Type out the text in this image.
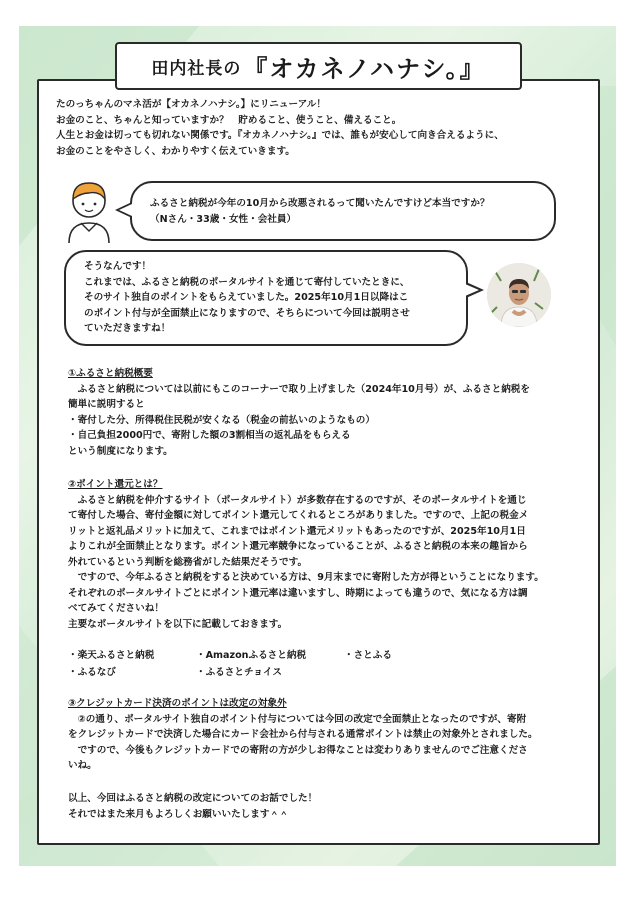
田内社長の 『オカネノハナシ。』
たのっちゃんのマネ活が【オカネノハナシ。】にリニューアル！
お金のこと、ちゃんと知っていますか？　貯めること、使うこと、備えること。
人生とお金は切っても切れない関係です。『オカネノハナシ。』では、誰もが安心して向き合えるように、
お金のことをやさしく、わかりやすく伝えていきます。
ふるさと納税が今年の10月から改悪されるって聞いたんですけど本当ですか？
（Nさん・33歳・女性・会社員）
そうなんです！
これまでは、ふるさと納税のポータルサイトを通じて寄付していたときに、
そのサイト独自のポイントをもらえていました。2025年10月1日以降はこ
のポイント付与が全面禁止になりますので、そちらについて今回は説明させ
ていただきますね！
①ふるさと納税概要
　ふるさと納税については以前にもこのコーナーで取り上げました（2024年10月号）が、ふるさと納税を
簡単に説明すると
・寄付した分、所得税住民税が安くなる（税金の前払いのようなもの）
・自己負担2000円で、寄附した額の3割相当の返礼品をもらえる
という制度になります。
②ポイント還元とは？
　ふるさと納税を仲介するサイト（ポータルサイト）が多数存在するのですが、そのポータルサイトを通じ
て寄付した場合、寄付金額に対してポイント還元してくれるところがありました。ですので、上記の税金メ
リットと返礼品メリットに加えて、これまではポイント還元メリットもあったのですが、2025年10月1日
よりこれが全面禁止となります。ポイント還元率競争になっていることが、ふるさと納税の本来の趣旨から
外れているという判断を総務省がした結果だそうです。
　ですので、今年ふるさと納税をすると決めている方は、9月末までに寄附した方が得ということになります。
それぞれのポータルサイトごとにポイント還元率は違いますし、時期によっても違うので、気になる方は調
べてみてくださいね！
主要なポータルサイトを以下に記載しておきます。
・楽天ふるさと納税	・Amazonふるさと納税	・さとふる
・ふるなび	・ふるさとチョイス
③クレジットカード決済のポイントは改定の対象外
　②の通り、ポータルサイト独自のポイント付与については今回の改定で全面禁止となったのですが、寄附
をクレジットカードで決済した場合にカード会社から付与される通常ポイントは禁止の対象外とされました。
　ですので、今後もクレジットカードでの寄附の方が少しお得なことは変わりありませんのでご注意くださ
いね。
以上、今回はふるさと納税の改定についてのお話でした！
それではまた来月もよろしくお願いいたします＾＾
